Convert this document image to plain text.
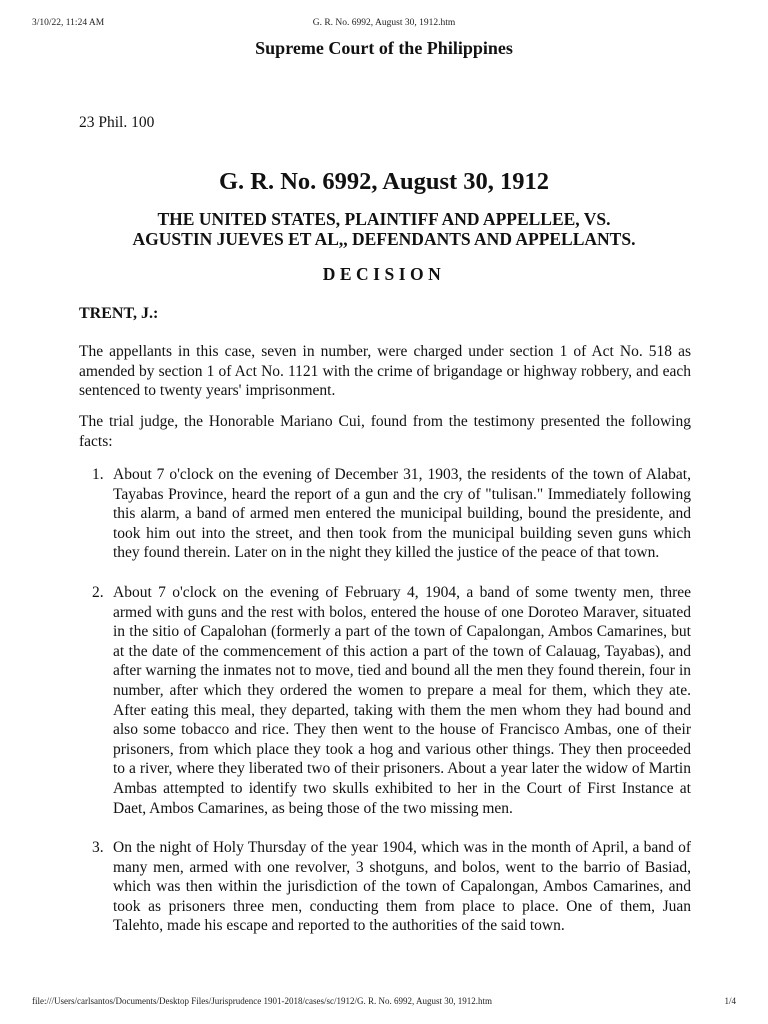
3/10/22, 11:24 AM	G. R. No. 6992, August 30, 1912.htm
Supreme Court of the Philippines
23 Phil. 100
G. R. No. 6992, August 30, 1912
THE UNITED STATES, PLAINTIFF AND APPELLEE, VS.
AGUSTIN JUEVES ET AL,, DEFENDANTS AND APPELLANTS.
DECISION
TRENT, J.:
The appellants in this case, seven in number, were charged under section 1 of Act No. 518 as amended by section 1 of Act No. 1121 with the crime of brigandage or highway robbery, and each sentenced to twenty years' imprisonment.
The trial judge, the Honorable Mariano Cui, found from the testimony presented the following facts:
1. About 7 o'clock on the evening of December 31, 1903, the residents of the town of Alabat, Tayabas Province, heard the report of a gun and the cry of "tulisan." Immediately following this alarm, a band of armed men entered the municipal building, bound the presidente, and took him out into the street, and then took from the municipal building seven guns which they found therein. Later on in the night they killed the justice of the peace of that town.
2. About 7 o'clock on the evening of February 4, 1904, a band of some twenty men, three armed with guns and the rest with bolos, entered the house of one Doroteo Maraver, situated in the sitio of Capalohan (formerly a part of the town of Capalongan, Ambos Camarines, but at the date of the commencement of this action a part of the town of Calauag, Tayabas), and after warning the inmates not to move, tied and bound all the men they found therein, four in number, after which they ordered the women to prepare a meal for them, which they ate. After eating this meal, they departed, taking with them the men whom they had bound and also some tobacco and rice. They then went to the house of Francisco Ambas, one of their prisoners, from which place they took a hog and various other things. They then proceeded to a river, where they liberated two of their prisoners. About a year later the widow of Martin Ambas attempted to identify two skulls exhibited to her in the Court of First Instance at Daet, Ambos Camarines, as being those of the two missing men.
3. On the night of Holy Thursday of the year 1904, which was in the month of April, a band of many men, armed with one revolver, 3 shotguns, and bolos, went to the barrio of Basiad, which was then within the jurisdiction of the town of Capalongan, Ambos Camarines, and took as prisoners three men, conducting them from place to place. One of them, Juan Talehto, made his escape and reported to the authorities of the said town.
file:///Users/carlsantos/Documents/Desktop Files/Jurisprudence 1901-2018/cases/sc/1912/G. R. No. 6992, August 30, 1912.htm	1/4
